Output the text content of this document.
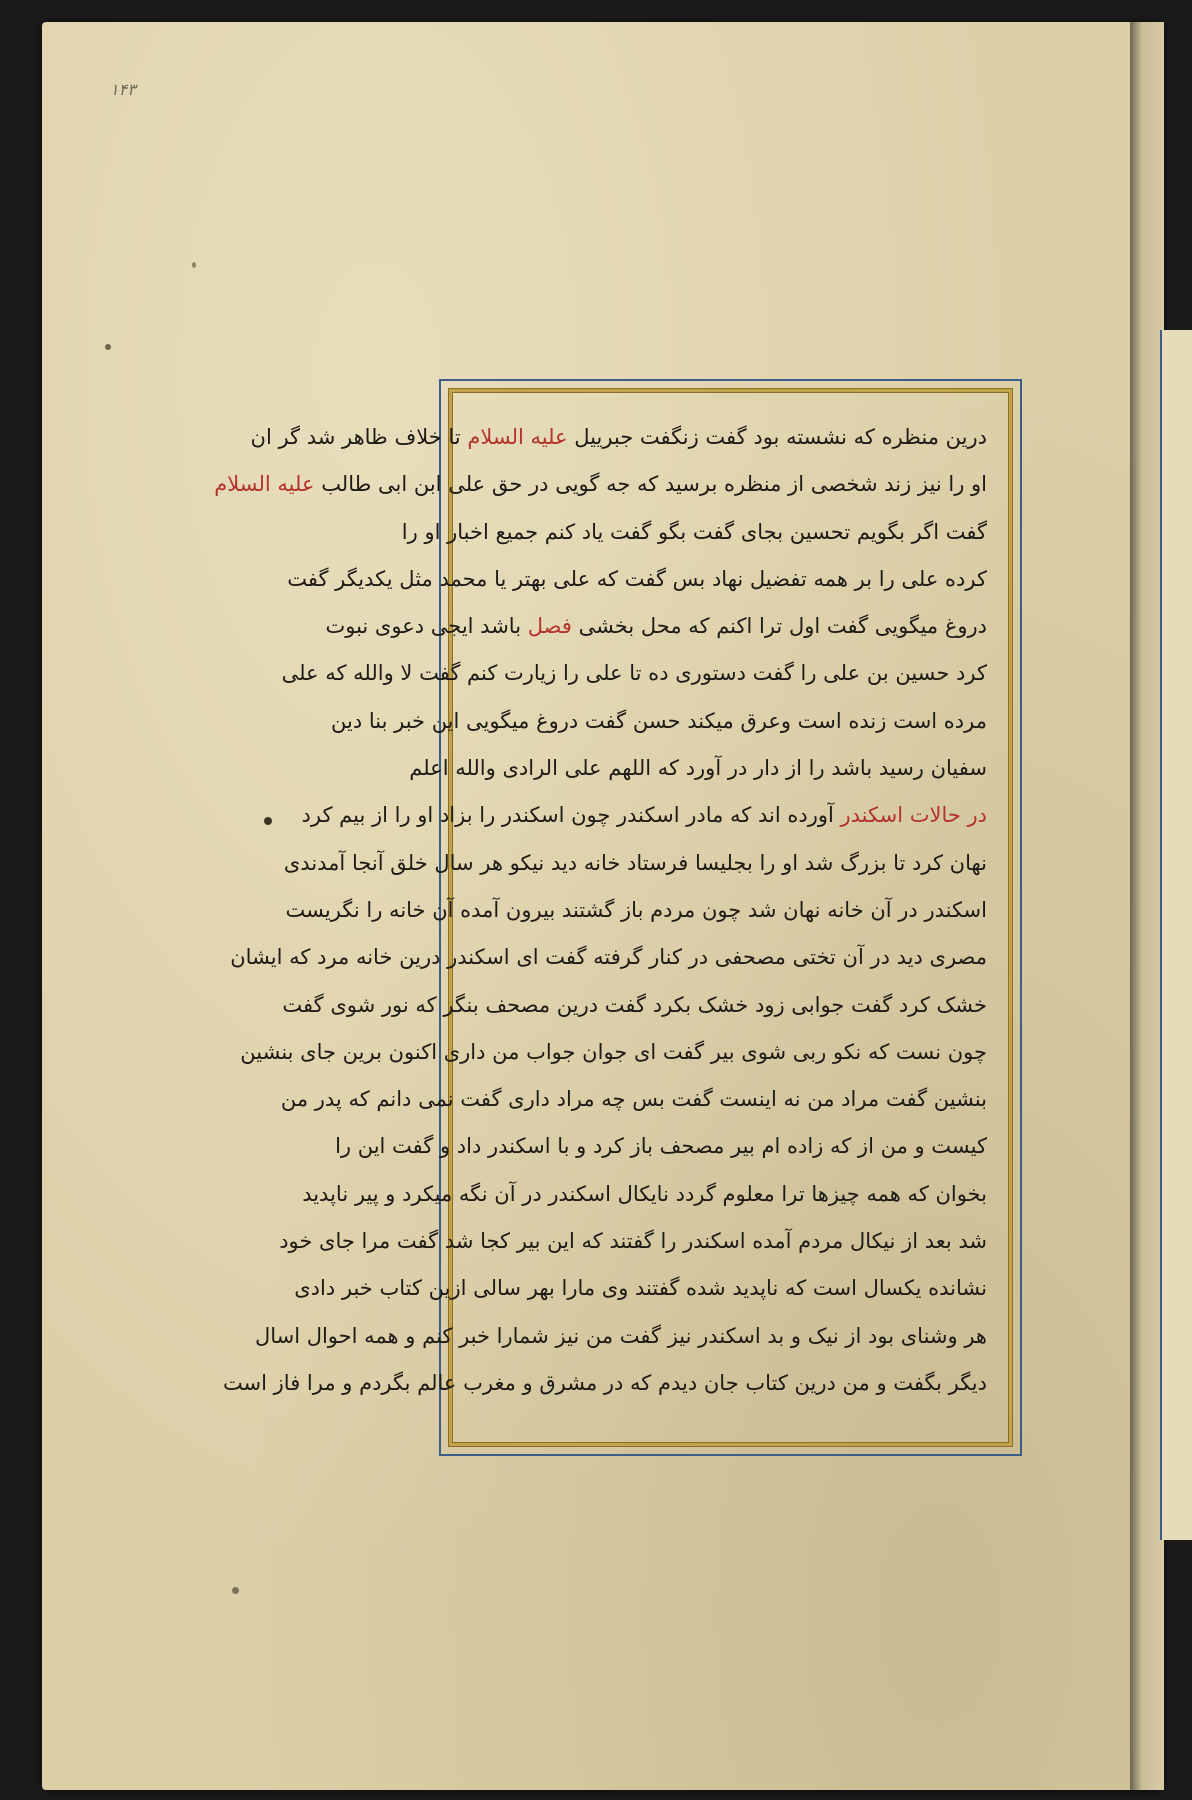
۱۴۳
درین منظره که نشسته بود گفت زنگفت جبرییل علیه السلام تا خلاف ظاهر شد گر ان
او را نیز زند شخصی از منظره برسید که جه گویی در حق علی ابن ابی طالب علیه السلام
گفت اگر بگویم تحسین بجای گفت بگو گفت یاد کنم جمیع اخبار او را
کرده علی را بر همه تفضیل نهاد بس گفت که علی بهتر یا محمد مثل یکدیگر گفت
دروغ میگویی گفت اول ترا اکنم که محل بخشی فصل باشد ایجی دعوی نبوت
کرد حسین بن علی را گفت دستوری ده تا علی را زیارت کنم گفت لا والله که علی
مرده است زنده است وعرق میکند حسن گفت دروغ میگویی این خبر بنا دین
سفیان رسید باشد را از دار در آورد که اللهم علی الرادی والله اعلم
در حالات اسکندر آورده اند که مادر اسکندر چون اسکندر را بزاد او را از بیم کرد
نهان کرد تا بزرگ شد او را بجلیسا فرستاد خانه دید نیکو هر سال خلق آنجا آمدندی
اسکندر در آن خانه نهان شد چون مردم باز گشتند بیرون آمده آن خانه را نگریست
مصری دید در آن تختی مصحفی در کنار گرفته گفت ای اسکندر درین خانه مرد که ایشان
خشک کرد گفت جوابی زود خشک بکرد گفت درین مصحف بنگر که نور شوی گفت
چون نست که نکو ربی شوی بیر گفت ای جوان جواب من داری اکنون برین جای بنشین
بنشین گفت مراد من نه اینست گفت بس چه مراد داری گفت نمی دانم که پدر من
کیست و من از که زاده ام بیر مصحف باز کرد و با اسکندر داد و گفت این را
بخوان که همه چیزها ترا معلوم گردد نایکال اسکندر در آن نگه میکرد و پیر ناپدید
شد بعد از نیکال مردم آمده اسکندر را گفتند که این بیر کجا شد گفت مرا جای خود
نشانده یکسال است که ناپدید شده گفتند وی مارا بهر سالی ازین کتاب خبر دادی
هر وشنای بود از نیک و بد اسکندر نیز گفت من نیز شمارا خبر کنم و همه احوال اسال
دیگر بگفت و من درین کتاب جان دیدم که در مشرق و مغرب عالم بگردم و مرا فاز است
